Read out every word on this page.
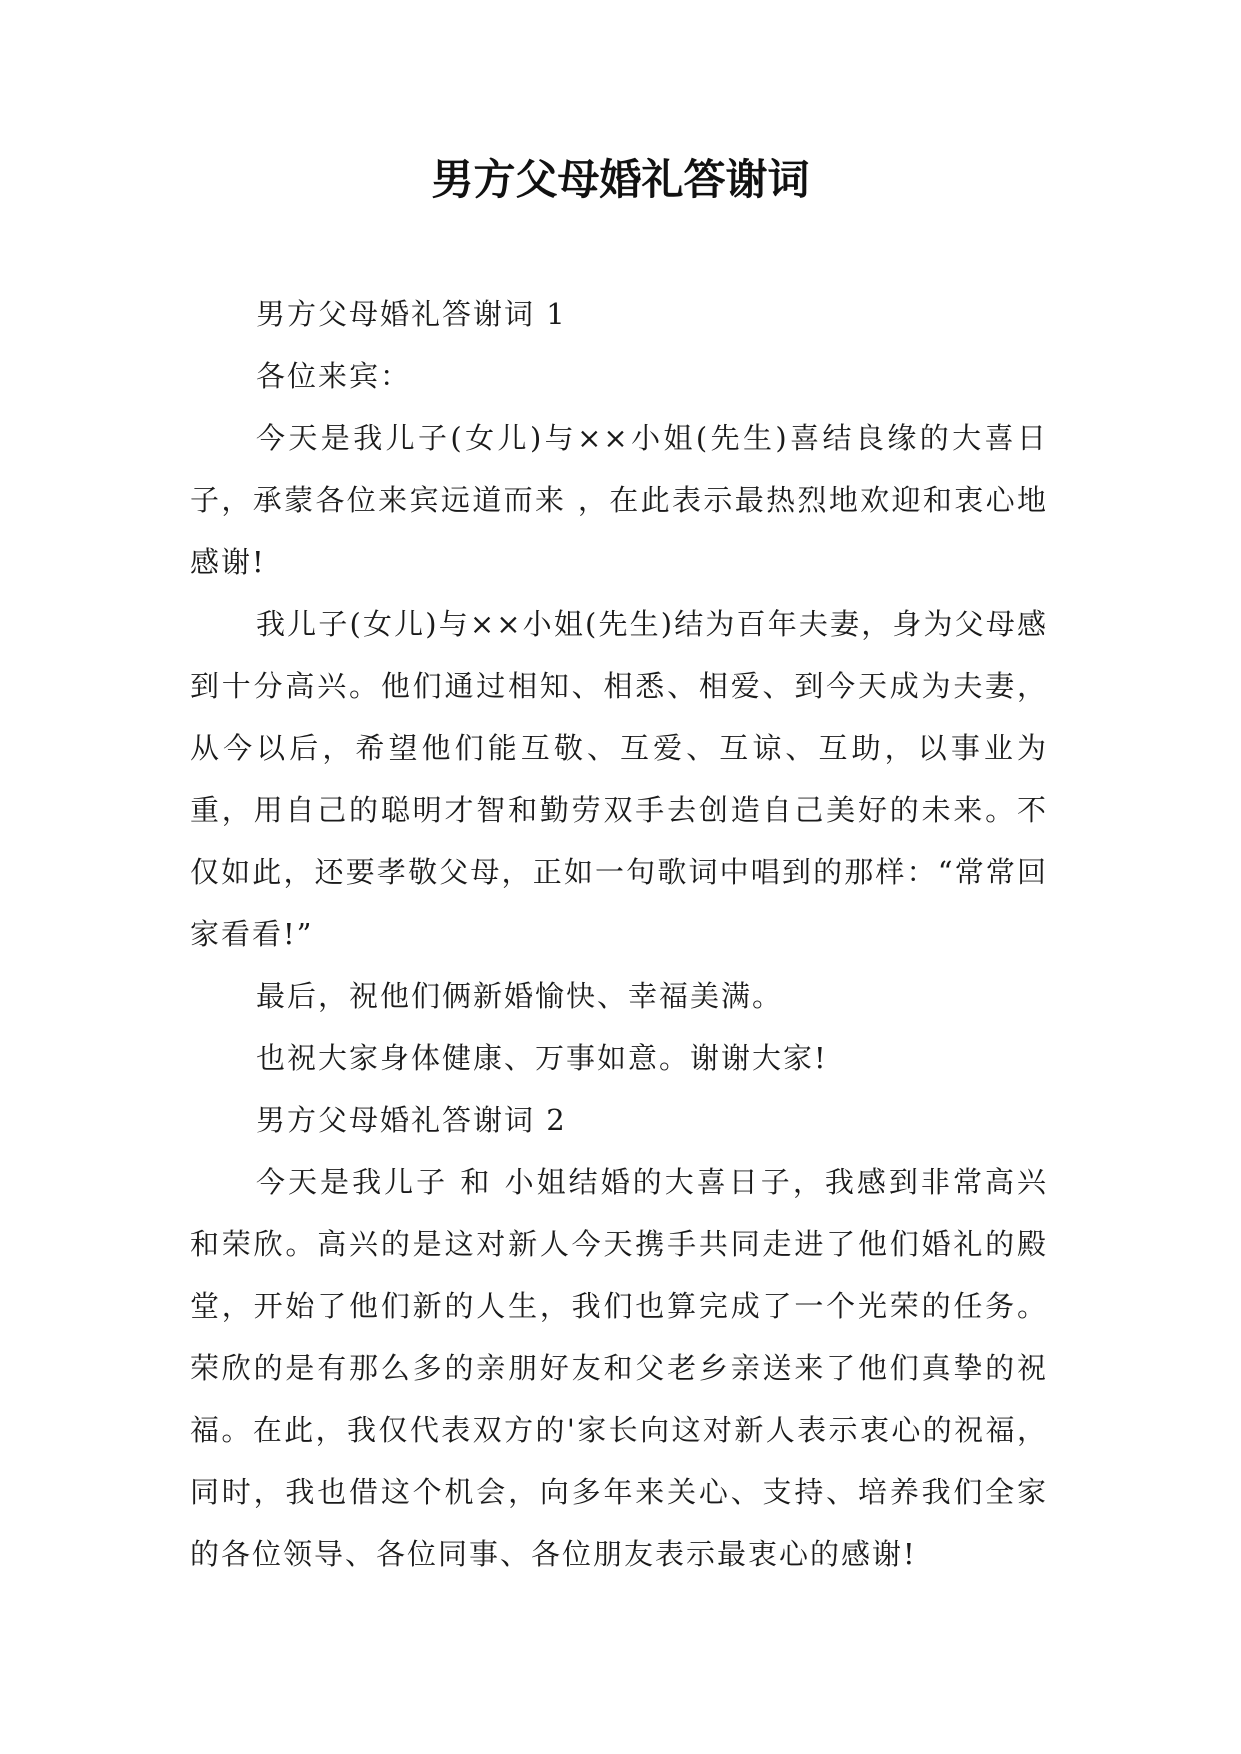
男方父母婚礼答谢词

男方父母婚礼答谢词 1

各位来宾：

今天是我儿子(女儿)与××小姐(先生)喜结良缘的大喜日子，承蒙各位来宾远道而来 ，在此表示最热烈地欢迎和衷心地感谢!

我儿子(女儿)与××小姐(先生)结为百年夫妻，身为父母感到十分高兴。他们通过相知、相悉、相爱、到今天成为夫妻，从今以后，希望他们能互敬、互爱、互谅、互助，以事业为重，用自己的聪明才智和勤劳双手去创造自己美好的未来。不仅如此，还要孝敬父母，正如一句歌词中唱到的那样：“常常回家看看!”

最后，祝他们俩新婚愉快、幸福美满。

也祝大家身体健康、万事如意。谢谢大家!

男方父母婚礼答谢词 2

今天是我儿子 和 小姐结婚的大喜日子，我感到非常高兴和荣欣。高兴的是这对新人今天携手共同走进了他们婚礼的殿堂，开始了他们新的人生，我们也算完成了一个光荣的任务。荣欣的是有那么多的亲朋好友和父老乡亲送来了他们真挚的祝福。在此，我仅代表双方的'家长向这对新人表示衷心的祝福，同时，我也借这个机会，向多年来关心、支持、培养我们全家的各位领导、各位同事、各位朋友表示最衷心的感谢!
